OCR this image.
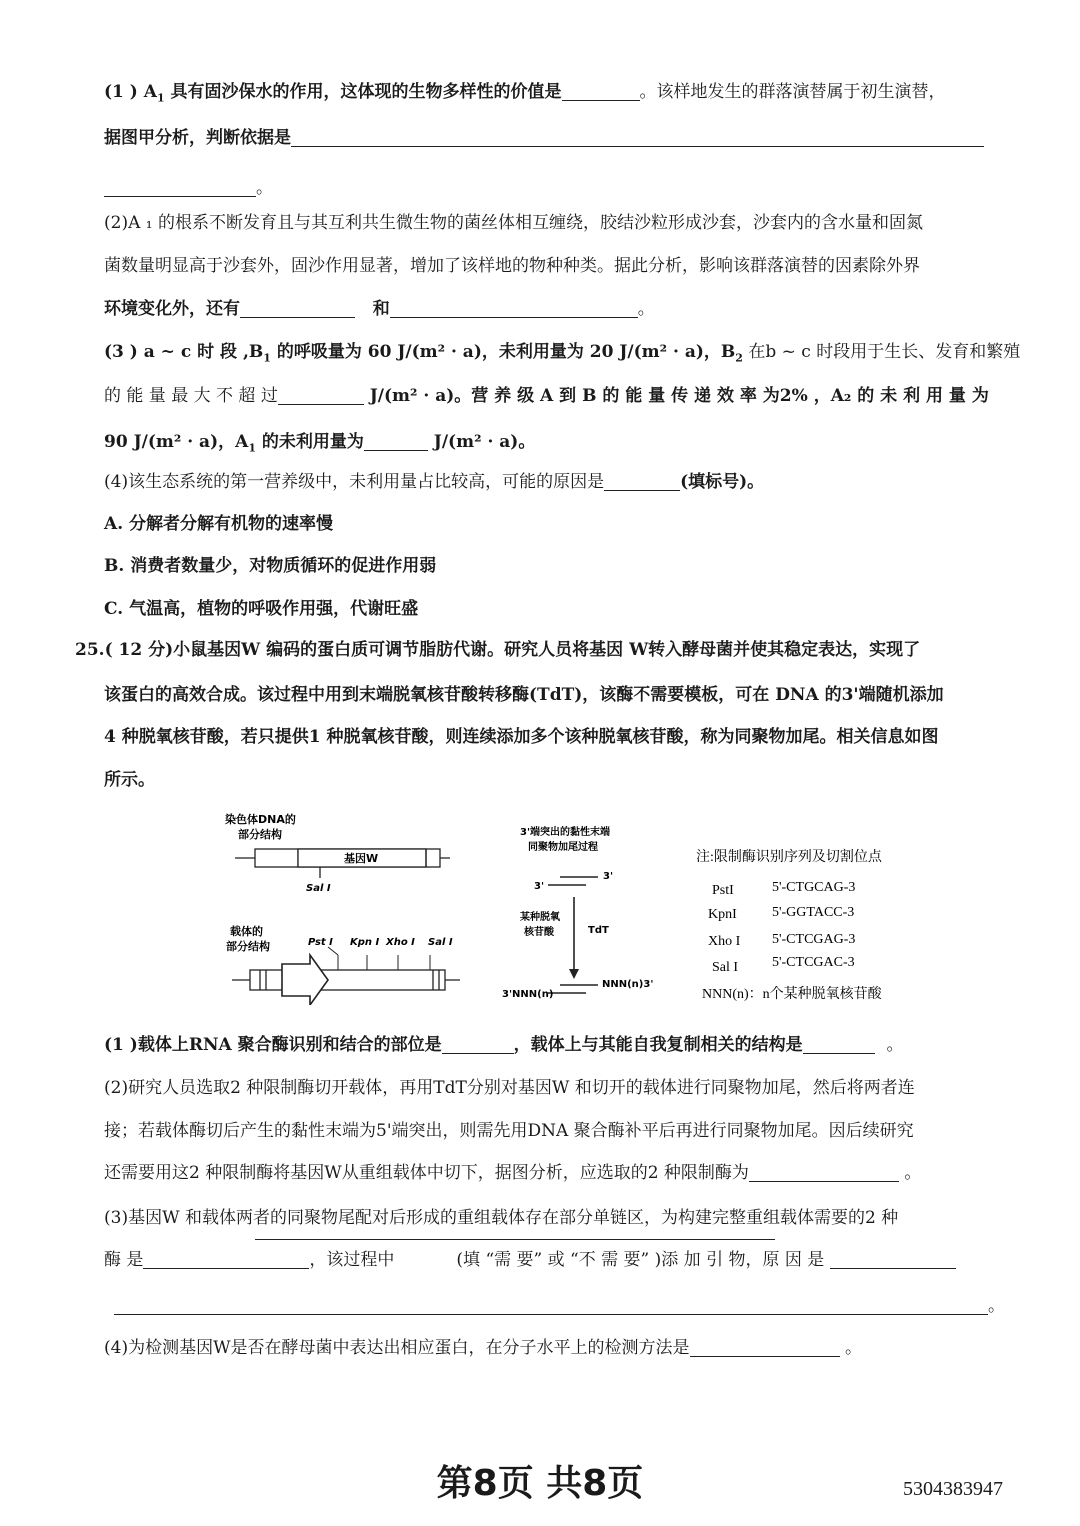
(1 ) $A_1$ 具有固沙保水的作用，这体现的生物多样性的价值是	。该样地发生的群落演替属于初生演替，
据图甲分析，判断依据是
。
(2)A ₁ 的根系不断发育且与其互利共生微生物的菌丝体相互缠绕，胶结沙粒形成沙套，沙套内的含水量和固氮
菌数量明显高于沙套外，固沙作用显著，增加了该样地的物种种类。据此分析，影响该群落演替的因素除外界
环境变化外，还有	和	。
(3 ) a ~ c 时 段 $,B_1$ 的呼吸量为 60 J/(m² · a)，未利用量为 20 J/(m² · a)，$B_2$ 在b ~ c 时段用于生长、发育和繁殖
的 能 量 最 大 不 超 过	J/(m² · a)。营 养 级 A 到 B 的 能 量 传 递 效 率 为2% ，A₂ 的 未 利 用 量 为
90 J/(m² · a)，$A_1$ 的未利用量为	J/(m² · a)。
(4)该生态系统的第一营养级中，未利用量占比较高，可能的原因是	(填标号)。
A. 分解者分解有机物的速率慢
B. 消费者数量少，对物质循环的促进作用弱
C. 气温高，植物的呼吸作用强，代谢旺盛
25.( 12 分)小鼠基因W 编码的蛋白质可调节脂肪代谢。研究人员将基因 W转入酵母菌并使其稳定表达，实现了
该蛋白的高效合成。该过程中用到末端脱氧核苷酸转移酶(TdT)，该酶不需要模板，可在 DNA 的3'端随机添加
4 种脱氧核苷酸，若只提供1 种脱氧核苷酸，则连续添加多个该种脱氧核苷酸，称为同聚物加尾。相关信息如图
所示。
染色体DNA的
部分结构
基因W
Sal Ⅰ
载体的
部分结构	Pst Ⅰ Kpn Ⅰ Xho Ⅰ Sal Ⅰ
3'端突出的黏性末端
同聚物加尾过程
3'
3'
某种脱氧
核苷酸	TdT
NNN(n)3'
3'NNN(n)
注:限制酶识别序列及切割位点
PstI	5'-CTGCAG-3
KpnI	5'-GGTACC-3
Xho I 5'-CTCGAG-3
Sal I 5'-CTCGAC-3
NNN(n)：n个某种脱氧核苷酸
(1 )载体上RNA 聚合酶识别和结合的部位是	，载体上与其能自我复制相关的结构是	。
(2)研究人员选取2 种限制酶切开载体，再用TdT分别对基因W 和切开的载体进行同聚物加尾，然后将两者连
接；若载体酶切后产生的黏性末端为5'端突出，则需先用DNA 聚合酶补平后再进行同聚物加尾。因后续研究
还需要用这2 种限制酶将基因W从重组载体中切下，据图分析，应选取的2 种限制酶为	。
(3)基因W 和载体两者的同聚物尾配对后形成的重组载体存在部分单链区，为构建完整重组载体需要的2 种
酶 是	，该过程中	(填 “需 要” 或 “不 需 要” )添 加 引 物，原 因 是
。
(4)为检测基因W是否在酵母菌中表达出相应蛋白，在分子水平上的检测方法是	。
第8页 共8页	5304383947
